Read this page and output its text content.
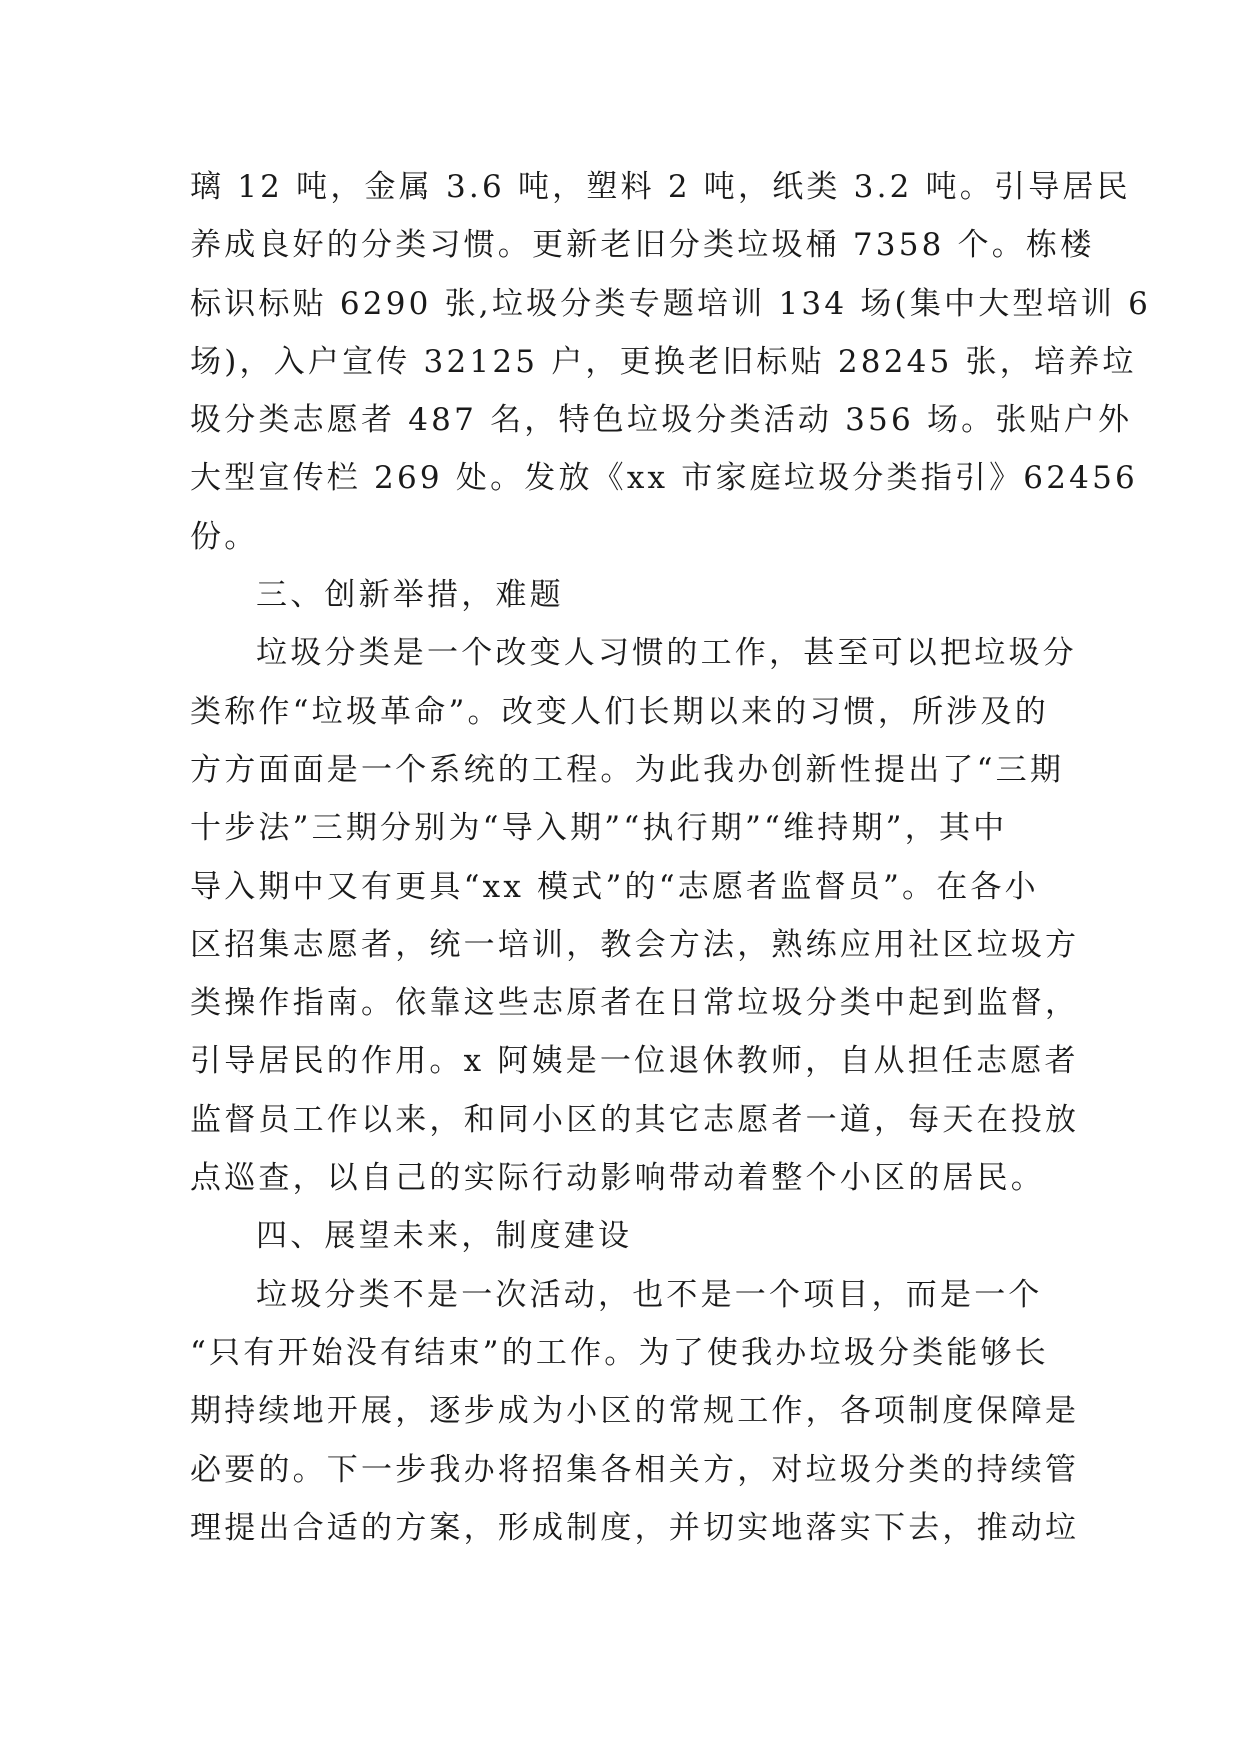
璃 12 吨，金属 3.6 吨，塑料 2 吨，纸类 3.2 吨。引导居民
养成良好的分类习惯。更新老旧分类垃圾桶 7358 个。栋楼
标识标贴 6290 张,垃圾分类专题培训 134 场(集中大型培训 6
场)，入户宣传 32125 户，更换老旧标贴 28245 张，培养垃
圾分类志愿者 487 名，特色垃圾分类活动 356 场。张贴户外
大型宣传栏 269 处。发放《xx 市家庭垃圾分类指引》62456
份。
三、创新举措，难题
垃圾分类是一个改变人习惯的工作，甚至可以把垃圾分
类称作“垃圾革命”。改变人们长期以来的习惯，所涉及的
方方面面是一个系统的工程。为此我办创新性提出了“三期
十步法”三期分别为“导入期”“执行期”“维持期”，其中
导入期中又有更具“xx 模式”的“志愿者监督员”。在各小
区招集志愿者，统一培训，教会方法，熟练应用社区垃圾方
类操作指南。依靠这些志原者在日常垃圾分类中起到监督，
引导居民的作用。x 阿姨是一位退休教师，自从担任志愿者
监督员工作以来，和同小区的其它志愿者一道，每天在投放
点巡查，以自己的实际行动影响带动着整个小区的居民。
四、展望未来，制度建设
垃圾分类不是一次活动，也不是一个项目，而是一个
“只有开始没有结束”的工作。为了使我办垃圾分类能够长
期持续地开展，逐步成为小区的常规工作，各项制度保障是
必要的。下一步我办将招集各相关方，对垃圾分类的持续管
理提出合适的方案，形成制度，并切实地落实下去，推动垃
